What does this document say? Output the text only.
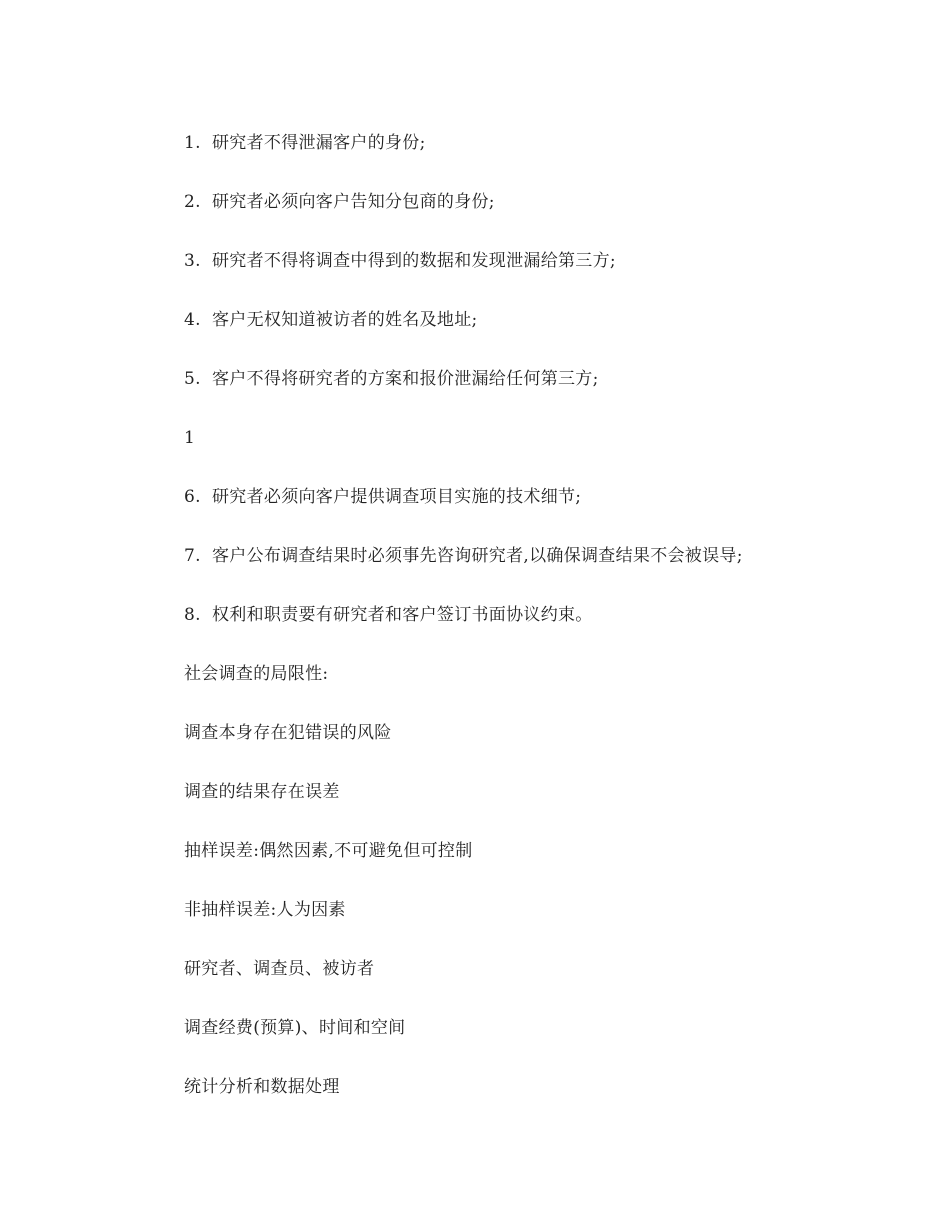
1. 研究者不得泄漏客户的身份;
2. 研究者必须向客户告知分包商的身份;
3. 研究者不得将调查中得到的数据和发现泄漏给第三方;
4. 客户无权知道被访者的姓名及地址;
5. 客户不得将研究者的方案和报价泄漏给任何第三方;
1
6. 研究者必须向客户提供调查项目实施的技术细节;
7. 客户公布调查结果时必须事先咨询研究者,以确保调查结果不会被误导;
8. 权利和职责要有研究者和客户签订书面协议约束。
社会调查的局限性:
调查本身存在犯错误的风险
调查的结果存在误差
抽样误差:偶然因素,不可避免但可控制
非抽样误差:人为因素
研究者、调查员、被访者
调查经费(预算)、时间和空间
统计分析和数据处理
